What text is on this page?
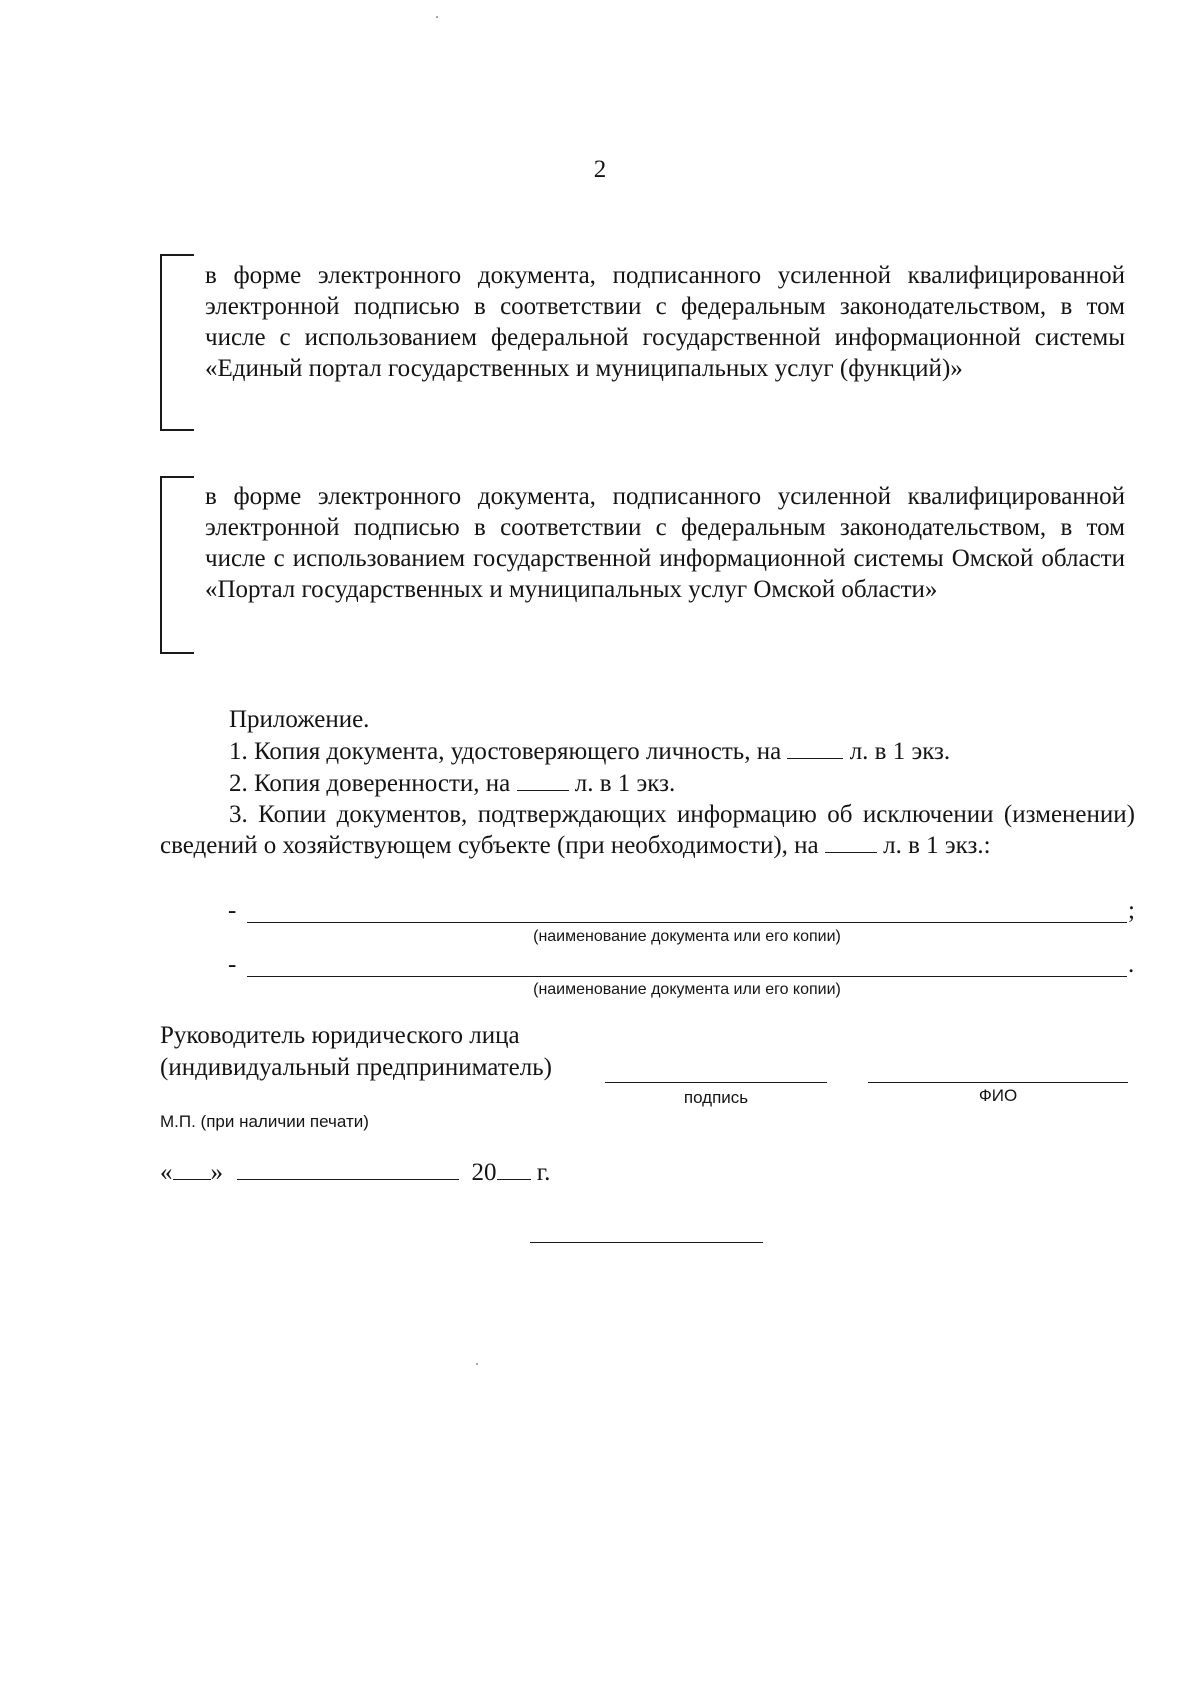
2
в форме электронного документа, подписанного усиленной квалифицированной электронной подписью в соответствии с федеральным законодательством, в том числе с использованием федеральной государственной информационной системы «Единый портал государственных и муниципальных услуг (функций)»
в форме электронного документа, подписанного усиленной квалифицированной электронной подписью в соответствии с федеральным законодательством, в том числе с использованием государственной информационной системы Омской области «Портал государственных и муниципальных услуг Омской области»
Приложение.
1. Копия документа, удостоверяющего личность, на	л. в 1 экз.
2. Копия доверенности, на	л. в 1 экз.
3. Копии документов, подтверждающих информацию об исключении (изменении) сведений о хозяйствующем субъекте (при необходимости), на	л. в 1 экз.:
-	;
(наименование документа или его копии)
-	.
(наименование документа или его копии)
Руководитель юридического лица
(индивидуальный предприниматель)
подпись	ФИО
М.П. (при наличии печати)
« »	20 г.
